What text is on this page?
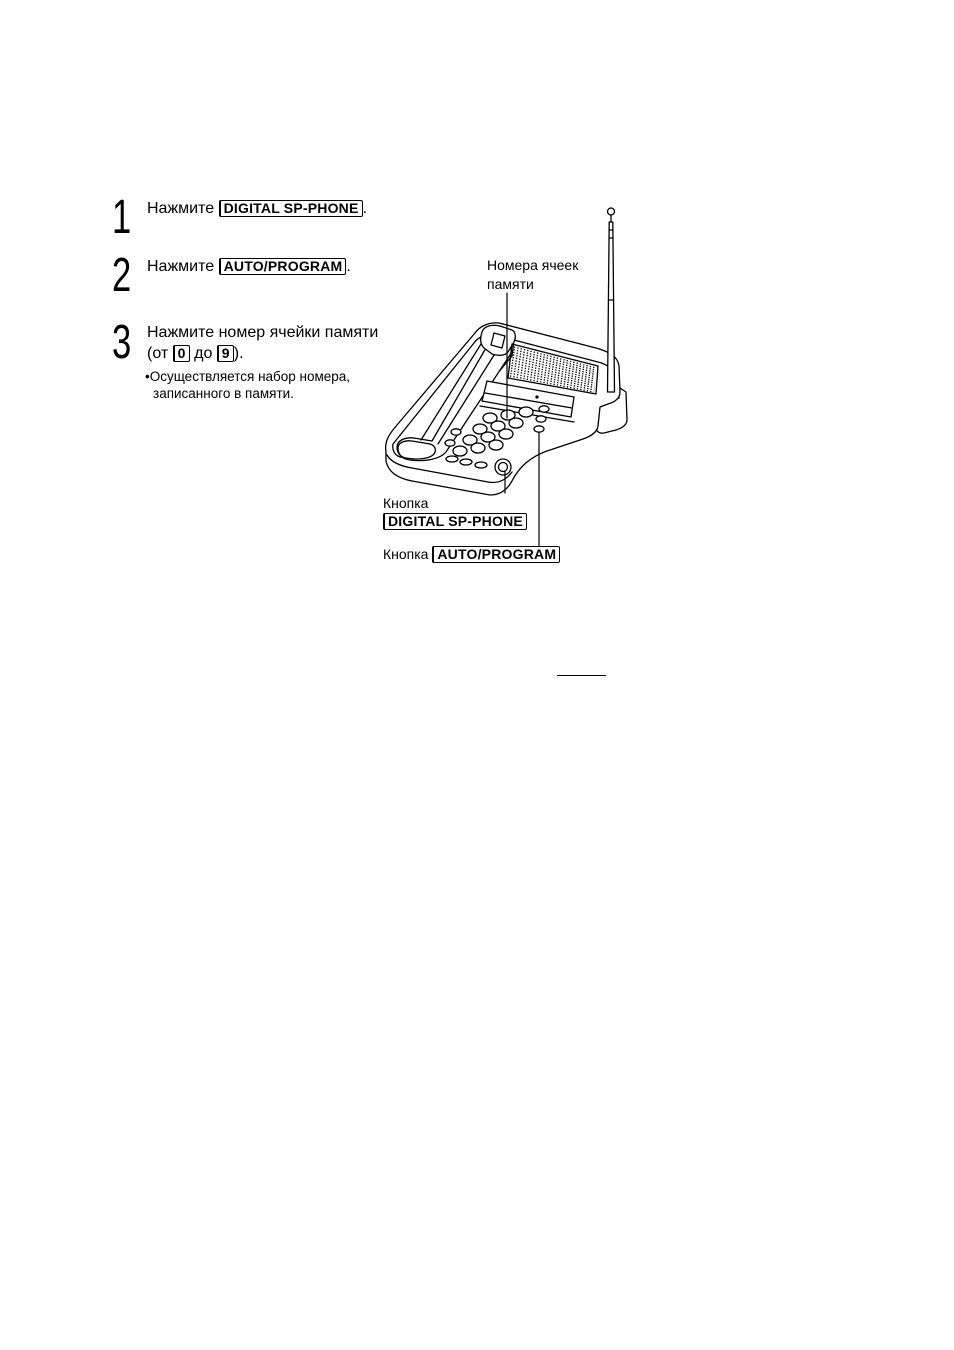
1 Нажмите DIGITAL SP-PHONE .
2 Нажмите AUTO/PROGRAM .
3 Нажмите номер ячейки памяти
(от 0 до 9 ).
•Осуществляется набор номера,
записанного в памяти.
Номера ячеек
памяти
Кнопка
DIGITAL SP-PHONE
Кнопка AUTO/PROGRAM
